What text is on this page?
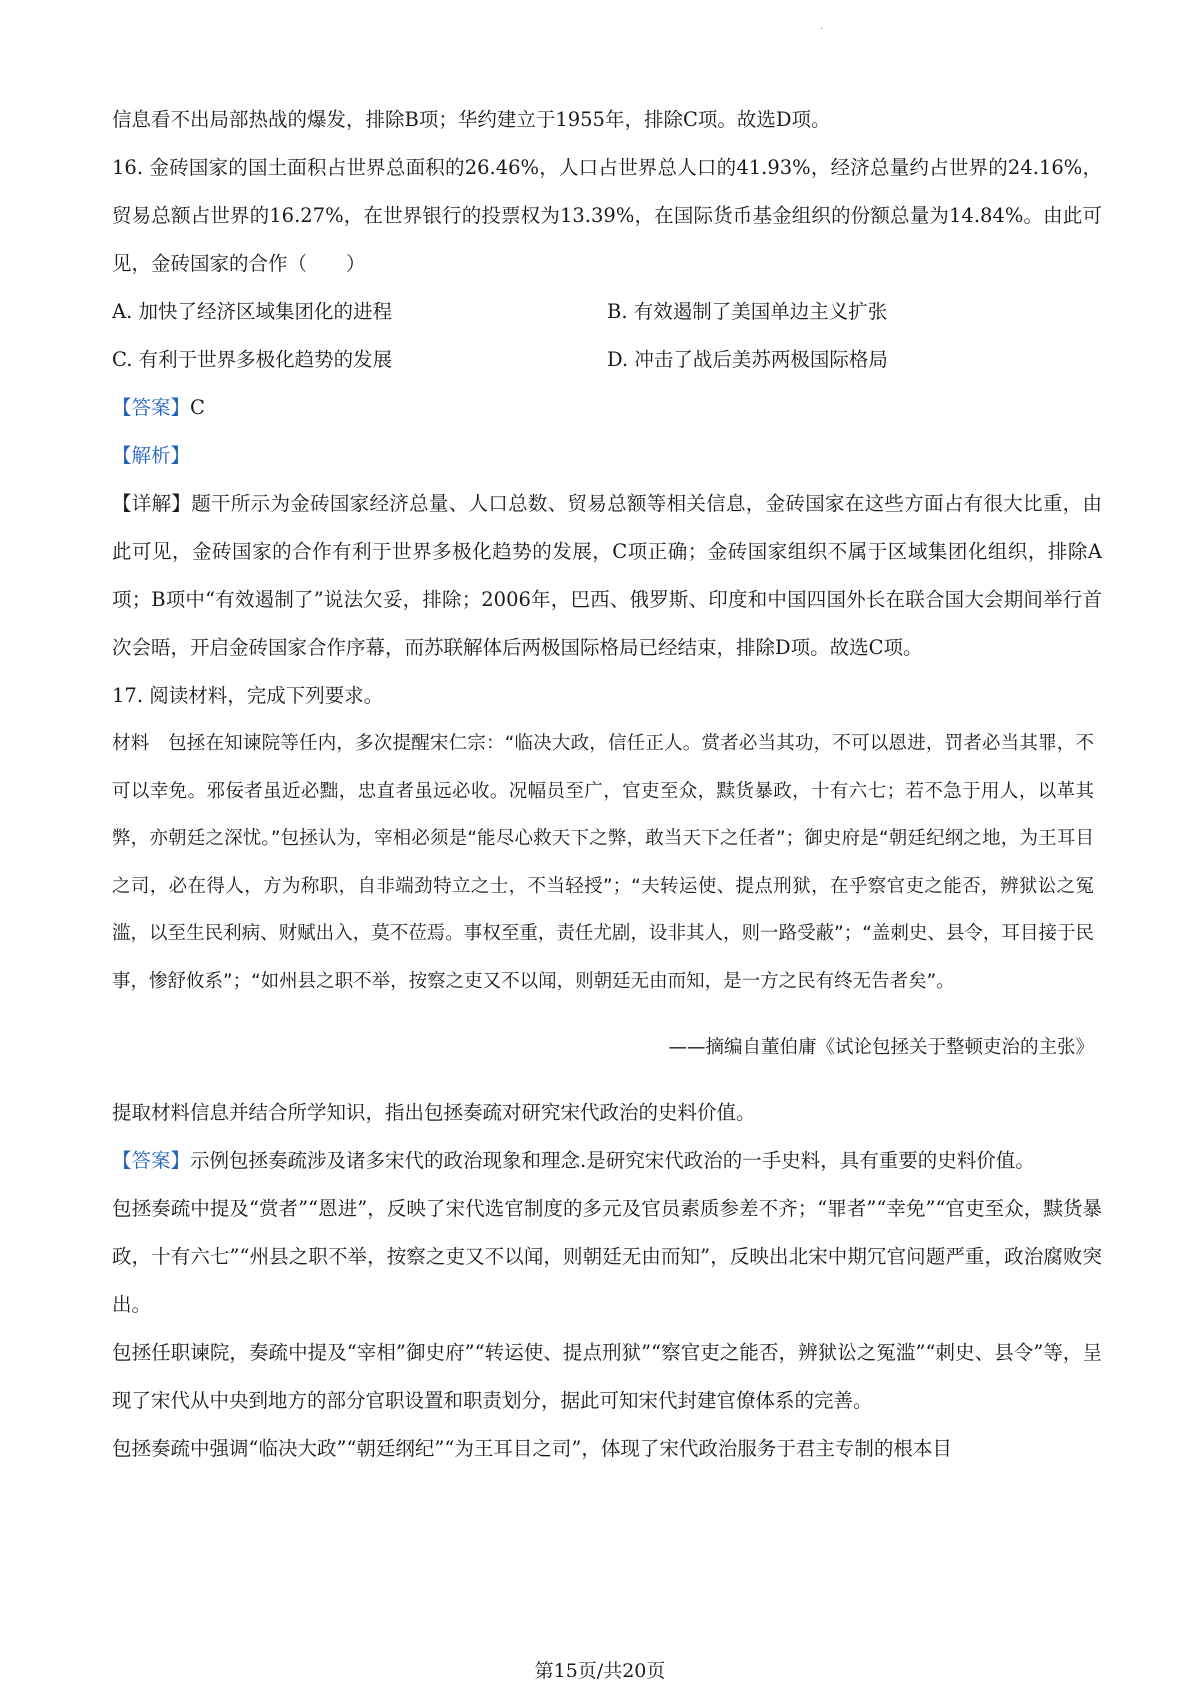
·

信息看不出局部热战的爆发，排除B项；华约建立于1955年，排除C项。故选D项。

16. 金砖国家的国土面积占世界总面积的26.46%，人口占世界总人口的41.93%，经济总量约占世界的24.16%，贸易总额占世界的16.27%，在世界银行的投票权为13.39%，在国际货币基金组织的份额总量为14.84%。由此可见，金砖国家的合作（　　）

A. 加快了经济区域集团化的进程	B. 有效遏制了美国单边主义扩张

C. 有利于世界多极化趋势的发展	D. 冲击了战后美苏两极国际格局

【答案】C

【解析】

【详解】题干所示为金砖国家经济总量、人口总数、贸易总额等相关信息，金砖国家在这些方面占有很大比重，由此可见，金砖国家的合作有利于世界多极化趋势的发展，C项正确；金砖国家组织不属于区域集团化组织，排除A项；B项中“有效遏制了”说法欠妥，排除；2006年，巴西、俄罗斯、印度和中国四国外长在联合国大会期间举行首次会晤，开启金砖国家合作序幕，而苏联解体后两极国际格局已经结束，排除D项。故选C项。

17. 阅读材料，完成下列要求。

材料　 包拯在知谏院等任内，多次提醒宋仁宗：“临决大政，信任正人。赏者必当其功，不可以恩进，罚者必当其罪，不可以幸免。邪佞者虽近必黜，忠直者虽远必收。况幅员至广，官吏至众，黩货暴政，十有六七；若不急于用人，以革其弊，亦朝廷之深忧。”包拯认为，宰相必须是“能尽心救天下之弊，敢当天下之任者”；御史府是“朝廷纪纲之地，为王耳目之司，必在得人，方为称职，自非端劲特立之士，不当轻授”；“夫转运使、提点刑狱，在乎察官吏之能否，辨狱讼之冤滥，以至生民利病、财赋出入，莫不莅焉。事权至重，责任尤剧，设非其人，则一路受蔽”；“盖刺史、县令，耳目接于民事，惨舒攸系”；“如州县之职不举，按察之吏又不以闻，则朝廷无由而知，是一方之民有终无告者矣”。

——摘编自董伯庸《试论包拯关于整顿吏治的主张》

提取材料信息并结合所学知识，指出包拯奏疏对研究宋代政治的史料价值。

【答案】示例包拯奏疏涉及诸多宋代的政治现象和理念.是研究宋代政治的一手史料，具有重要的史料价值。

包拯奏疏中提及“赏者”“恩进”，反映了宋代选官制度的多元及官员素质参差不齐；“罪者”“幸免”“官吏至众，黩货暴政，十有六七”“州县之职不举，按察之吏又不以闻，则朝廷无由而知”，反映出北宋中期冗官问题严重，政治腐败突出。

包拯任职谏院，奏疏中提及“宰相”御史府”“转运使、提点刑狱”“察官吏之能否，辨狱讼之冤滥”“刺史、县令”等，呈现了宋代从中央到地方的部分官职设置和职责划分，据此可知宋代封建官僚体系的完善。

包拯奏疏中强调“临决大政”“朝廷纲纪”“为王耳目之司”，体现了宋代政治服务于君主专制的根本目

第15页/共20页
